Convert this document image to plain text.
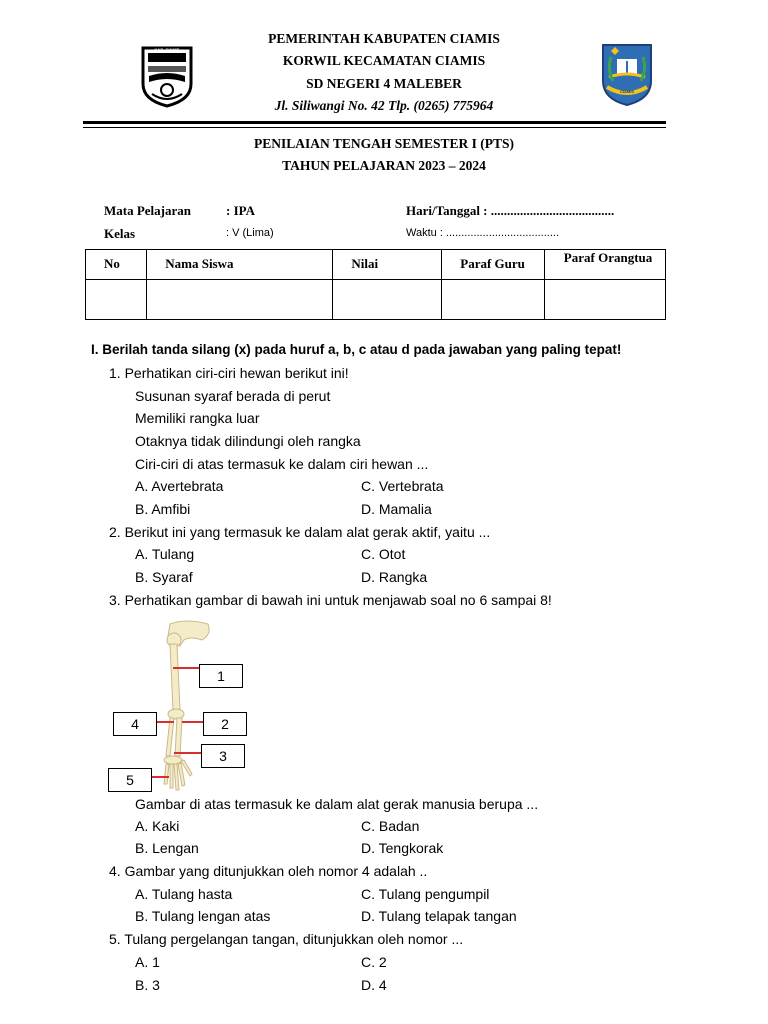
KAB. CIAMIS
CIAMIS
PEMERINTAH KABUPATEN CIAMIS
KORWIL KECAMATAN CIAMIS
SD NEGERI 4 MALEBER
Jl. Siliwangi No. 42 Tlp. (0265) 775964
PENILAIAN TENGAH SEMESTER I (PTS)
TAHUN PELAJARAN 2023 – 2024
Mata Pelajaran	: IPA	Hari/Tanggal : ......................................
Kelas	: V (Lima)	Waktu : .....................................
No	Nama Siswa	Nilai	Paraf Guru	Paraf Orangtua

I. Berilah tanda silang (x) pada huruf a, b, c atau d pada jawaban yang paling tepat!
1. Perhatikan ciri-ciri hewan berikut ini!
Susunan syaraf berada di perut
Memiliki rangka luar
Otaknya tidak dilindungi oleh rangka
Ciri-ciri di atas termasuk ke dalam ciri hewan ...
A. Avertebrata	C. Vertebrata
B. Amfibi	D. Mamalia
2. Berikut ini yang termasuk ke dalam alat gerak aktif, yaitu ...
A. Tulang	C. Otot
B. Syaraf	D. Rangka
3. Perhatikan gambar di bawah ini untuk menjawab soal no 6 sampai 8!
1
2
3
4
5
Gambar di atas termasuk ke dalam alat gerak manusia berupa ...
A. Kaki	C. Badan
B. Lengan	D. Tengkorak
4. Gambar yang ditunjukkan oleh nomor 4 adalah ..
A. Tulang hasta	C. Tulang pengumpil
B. Tulang lengan atas	D. Tulang telapak tangan
5. Tulang pergelangan tangan, ditunjukkan oleh nomor ...
A. 1	C. 2
B. 3	D. 4
